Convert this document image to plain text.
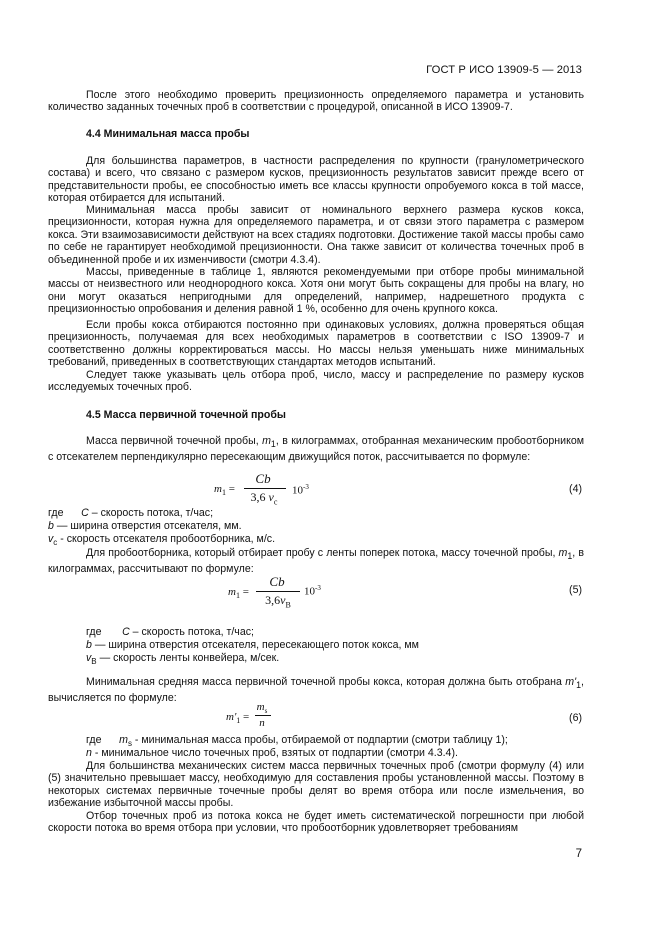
ГОСТ Р ИСО 13909-5 — 2013

После этого необходимо проверить прецизионность определяемого параметра и установить количество заданных точечных проб в соответствии с процедурой, описанной в ИСО 13909-7.

4.4 Минимальная масса пробы

Для большинства параметров, в частности распределения по крупности (гранулометрического состава) и всего, что связано с размером кусков, прецизионность результатов зависит прежде всего от представительности пробы, ее способностью иметь все классы крупности опробуемого кокса в той массе, которая отбирается для испытаний.

Минимальная масса пробы зависит от номинального верхнего размера кусков кокса, прецизионности, которая нужна для определяемого параметра, и от связи этого параметра с размером кокса. Эти взаимозависимости действуют на всех стадиях подготовки. Достижение такой массы пробы само по себе не гарантирует необходимой прецизионности. Она также зависит от количества точечных проб в объединенной пробе и их изменчивости (смотри 4.3.4).

Массы, приведенные в таблице 1, являются рекомендуемыми при отборе пробы минимальной массы от неизвестного или неоднородного кокса. Хотя они могут быть сокращены для пробы на влагу, но они могут оказаться непригодными для определений, например, надрешетного продукта с прецизионностью опробования и деления равной 1 %, особенно для очень крупного кокса.

Если пробы кокса отбираются постоянно при одинаковых условиях, должна проверяться общая прецизионность, получаемая для всех необходимых параметров в соответствии с ISO 13909-7 и соответственно должны корректироваться массы. Но массы нельзя уменьшать ниже минимальных требований, приведенных в соответствующих стандартах методов испытаний.

Следует также указывать цель отбора проб, число, массу и распределение по размеру кусков исследуемых точечных проб.

4.5 Масса первичной точечной пробы

Масса первичной точечной пробы, $m_1$, в килограммах, отобранная механическим пробоотборником с отсекателем перпендикулярно пересекающим движущийся поток, рассчитывается по формуле:

$m_1$ =
Cb
3,6 $v_c$
$10^{-3}$	(4)
где C – скорость потока, т/час;
b — ширина отверстия отсекателя, мм.
$v_c$ - скорость отсекателя пробоотборника, м/с.

Для пробоотборника, который отбирает пробу с ленты поперек потока, массу точечной пробы, $m_1$, в килограммах, рассчитывают по формуле:

$m_1$ =
Cb
$3,6v_B$
$10^{-3}$	(5)
где C – скорость потока, т/час;
b — ширина отверстия отсекателя, пересекающего поток кокса, мм
$v_B$ — скорость ленты конвейера, м/сек.

Минимальная средняя масса первичной точечной пробы кокса, которая должна быть отобрана $m'_1$, вычисляется по формуле:

$m'_1$ =
$m_s$
n	(6)
где $m_s$ - минимальная масса пробы, отбираемой от подпартии (смотри таблицу 1);
n - минимальное число точечных проб, взятых от подпартии (смотри 4.3.4).

Для большинства механических систем масса первичных точечных проб (смотри формулу (4) или (5) значительно превышает массу, необходимую для составления пробы установленной массы. Поэтому в некоторых системах первичные точечные пробы делят во время отбора или после измельчения, во избежание избыточной массы пробы.

Отбор точечных проб из потока кокса не будет иметь систематической погрешности при любой скорости потока во время отбора при условии, что пробоотборник удовлетворяет требованиям

7
